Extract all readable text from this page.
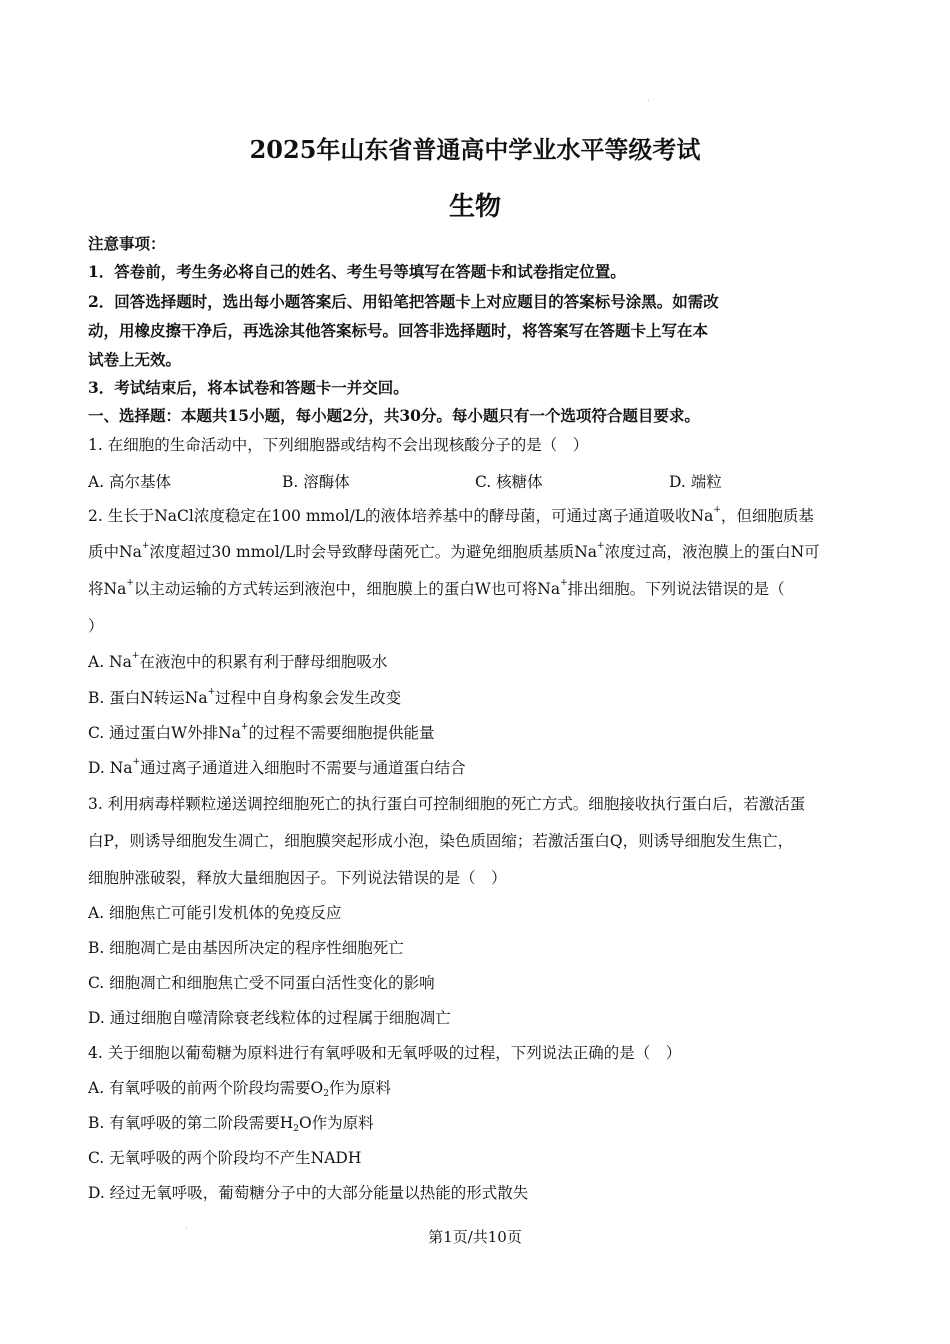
2025年山东省普通高中学业水平等级考试
生物
注意事项：
1．答卷前，考生务必将自己的姓名、考生号等填写在答题卡和试卷指定位置。
2．回答选择题时，选出每小题答案后、用铅笔把答题卡上对应题目的答案标号涂黑。如需改
动，用橡皮擦干净后，再选涂其他答案标号。回答非选择题时，将答案写在答题卡上写在本
试卷上无效。
3．考试结束后，将本试卷和答题卡一并交回。
一、选择题：本题共15小题，每小题2分，共30分。每小题只有一个选项符合题目要求。
1. 在细胞的生命活动中，下列细胞器或结构不会出现核酸分子的是（　）
A. 高尔基体	B. 溶酶体	C. 核糖体	D. 端粒
2. 生长于NaCl浓度稳定在100 mmol/L的液体培养基中的酵母菌，可通过离子通道吸收Na+，但细胞质基
质中Na+浓度超过30 mmol/L时会导致酵母菌死亡。为避免细胞质基质Na+浓度过高，液泡膜上的蛋白N可
将Na+以主动运输的方式转运到液泡中，细胞膜上的蛋白W也可将Na+排出细胞。下列说法错误的是（
）
A. Na+在液泡中的积累有利于酵母细胞吸水
B. 蛋白N转运Na+过程中自身构象会发生改变
C. 通过蛋白W外排Na+的过程不需要细胞提供能量
D. Na+通过离子通道进入细胞时不需要与通道蛋白结合
3. 利用病毒样颗粒递送调控细胞死亡的执行蛋白可控制细胞的死亡方式。细胞接收执行蛋白后，若激活蛋
白P，则诱导细胞发生凋亡，细胞膜突起形成小泡，染色质固缩；若激活蛋白Q，则诱导细胞发生焦亡，
细胞肿涨破裂，释放大量细胞因子。下列说法错误的是（　）
A. 细胞焦亡可能引发机体的免疫反应
B. 细胞凋亡是由基因所决定的程序性细胞死亡
C. 细胞凋亡和细胞焦亡受不同蛋白活性变化的影响
D. 通过细胞自噬清除衰老线粒体的过程属于细胞凋亡
4. 关于细胞以葡萄糖为原料进行有氧呼吸和无氧呼吸的过程，下列说法正确的是（　）
A. 有氧呼吸的前两个阶段均需要O2作为原料
B. 有氧呼吸的第二阶段需要H2O作为原料
C. 无氧呼吸的两个阶段均不产生NADH
D. 经过无氧呼吸，葡萄糖分子中的大部分能量以热能的形式散失
第1页/共10页
